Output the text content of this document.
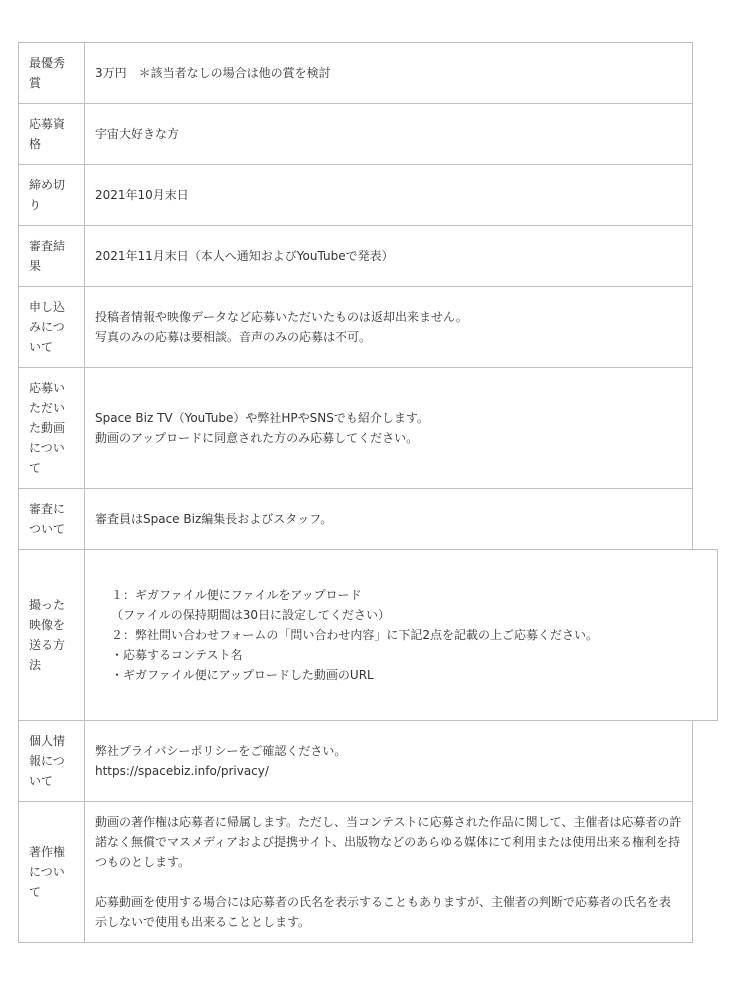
最優秀賞

3万円　＊該当者なしの場合は他の賞を検討

応募資格

宇宙大好きな方

締め切り

2021年10月末日

審査結果

2021年11月末日（本人へ通知およびYouTubeで発表）

申し込みについて

投稿者情報や映像データなど応募いただいたものは返却出来ません。

写真のみの応募は要相談。音声のみの応募は不可。

応募いただいた動画について

Space Biz TV（YouTube）や弊社HPやSNSでも紹介します。

動画のアップロードに同意された方のみ応募してください。

審査について

審査員はSpace Biz編集長およびスタッフ。

撮った映像を送る方法

１：ギガファイル便にファイルをアップロード

（ファイルの保持期間は30日に設定してください）

２：弊社問い合わせフォームの「問い合わせ内容」に下記2点を記載の上ご応募ください。

・応募するコンテスト名

・ギガファイル便にアップロードした動画のURL

個人情報について

弊社プライバシーポリシーをご確認ください。

https://spacebiz.info/privacy/

著作権について

動画の著作権は応募者に帰属します。ただし、当コンテストに応募された作品に関して、主催者は応募者の許諾なく無償でマスメディアおよび提携サイト、出版物などのあらゆる媒体にて利用または使用出来る権利を持つものとします。

応募動画を使用する場合には応募者の氏名を表示することもありますが、主催者の判断で応募者の氏名を表示しないで使用も出来ることとします。
